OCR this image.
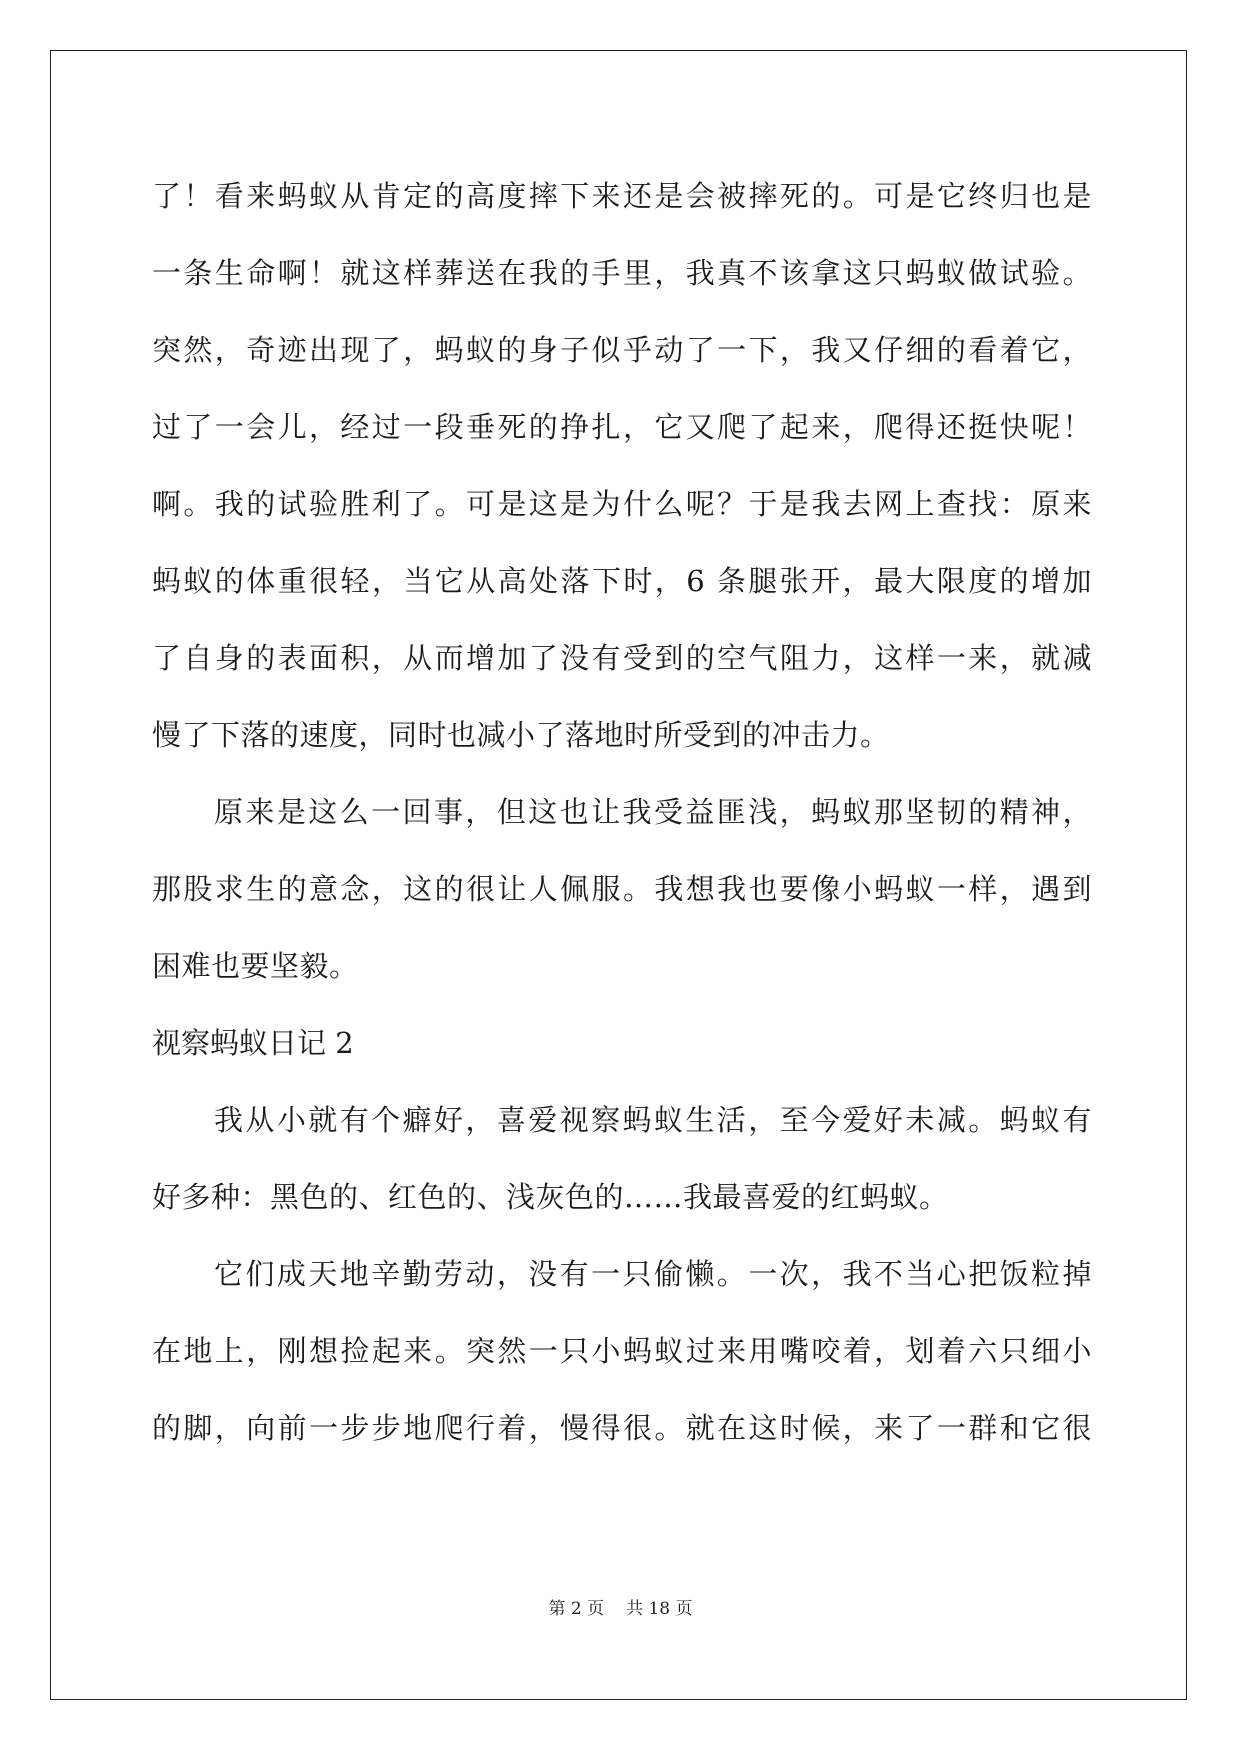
了！看来蚂蚁从肯定的高度摔下来还是会被摔死的。可是它终归也是
一条生命啊！就这样葬送在我的手里，我真不该拿这只蚂蚁做试验。
突然，奇迹出现了，蚂蚁的身子似乎动了一下，我又仔细的看着它，
过了一会儿，经过一段垂死的挣扎，它又爬了起来，爬得还挺快呢！
啊。我的试验胜利了。可是这是为什么呢？于是我去网上查找：原来
蚂蚁的体重很轻，当它从高处落下时，6 条腿张开，最大限度的增加
了自身的表面积，从而增加了没有受到的空气阻力，这样一来，就减
慢了下落的速度，同时也减小了落地时所受到的冲击力。
原来是这么一回事，但这也让我受益匪浅，蚂蚁那坚韧的精神，
那股求生的意念，这的很让人佩服。我想我也要像小蚂蚁一样，遇到
困难也要坚毅。
视察蚂蚁日记 2
我从小就有个癖好，喜爱视察蚂蚁生活，至今爱好未减。蚂蚁有
好多种：黑色的、红色的、浅灰色的……我最喜爱的红蚂蚁。
它们成天地辛勤劳动，没有一只偷懒。一次，我不当心把饭粒掉
在地上，刚想捡起来。突然一只小蚂蚁过来用嘴咬着，划着六只细小
的脚，向前一步步地爬行着，慢得很。就在这时候，来了一群和它很
第 2 页 共 18 页
